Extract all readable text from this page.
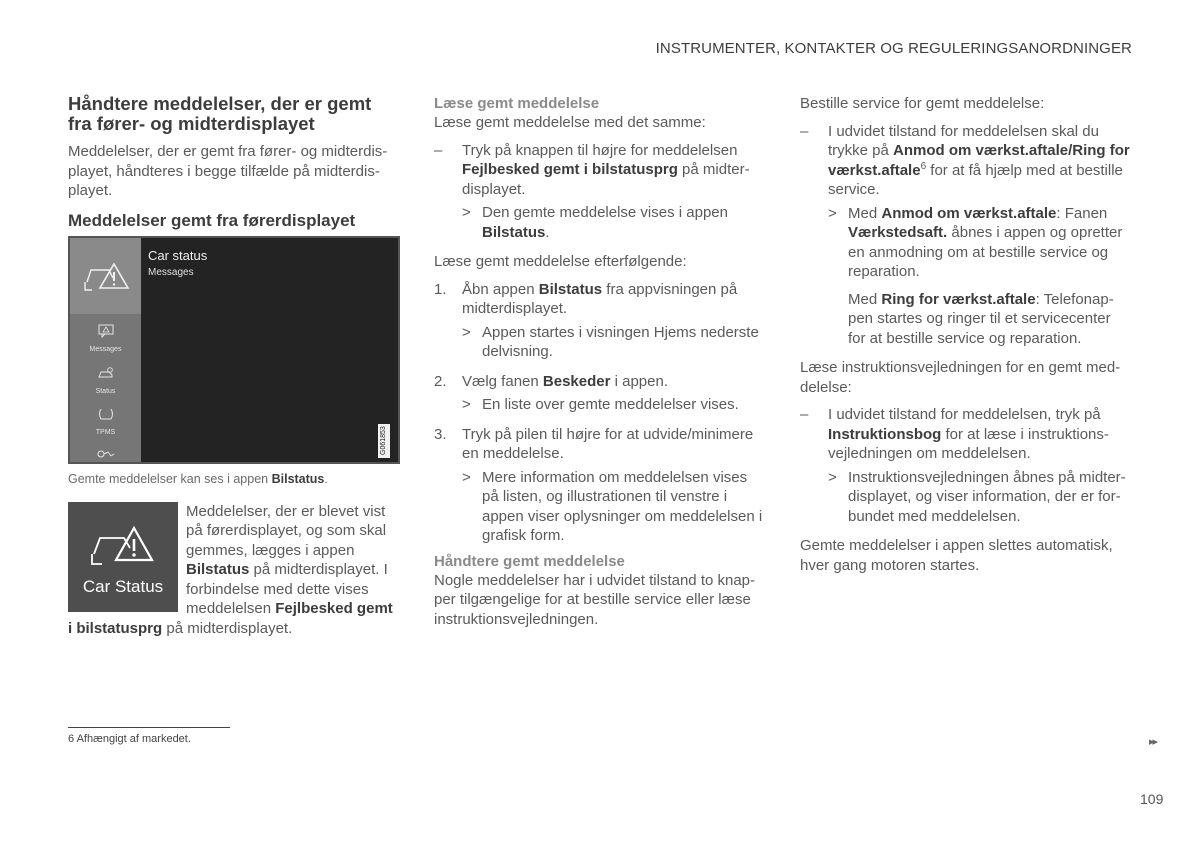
INSTRUMENTER, KONTAKTER OG REGULERINGSANORDNINGER
Håndtere meddelelser, der er gemt fra fører- og midterdisplayet

Meddelelser, der er gemt fra fører- og midterdisplayet, håndteres i begge tilfælde på midterdisplayet.

Meddelelser gemt fra førerdisplayet
Messages
Status
TPMS
Car status
Messages
G061853

Gemte meddelelser kan ses i appen Bilstatus.

Car Status

Meddelelser, der er blevet vist på førerdisplayet, og som skal gemmes, lægges i appen Bilstatus på midterdisplayet. I forbindelse med dette vises meddelelsen Fejlbesked gemt i bilstatusprg på midterdisplayet.

Læse gemt meddelelse

Læse gemt meddelelse med det samme:

– Tryk på knappen til højre for meddelelsen Fejlbesked gemt i bilstatusprg på midterdisplayet.
> Den gemte meddelelse vises i appen Bilstatus.

Læse gemt meddelelse efterfølgende:

1. Åbn appen Bilstatus fra appvisningen på midterdisplayet.
> Appen startes i visningen Hjems nederste delvisning.
2. Vælg fanen Beskeder i appen.
> En liste over gemte meddelelser vises.
3. Tryk på pilen til højre for at udvide/minimere en meddelelse.
> Mere information om meddelelsen vises på listen, og illustrationen til venstre i appen viser oplysninger om meddelelsen i grafisk form.
Håndtere gemt meddelelse

Nogle meddelelser har i udvidet tilstand to knapper tilgængelige for at bestille service eller læse instruktionsvejledningen.

Bestille service for gemt meddelelse:

– I udvidet tilstand for meddelelsen skal du trykke på Anmod om værkst.aftale/Ring for værkst.aftale$^6$ for at få hjælp med at bestille service.
> Med Anmod om værkst.aftale: Fanen Værkstedsaft. åbnes i appen og opretter en anmodning om at bestille service og reparation.
Med Ring for værkst.aftale: Telefonappen startes og ringer til et servicecenter for at bestille service og reparation.

Læse instruktionsvejledningen for en gemt meddelelse:

– I udvidet tilstand for meddelelsen, tryk på Instruktionsbog for at læse i instruktionsvejledningen om meddelelsen.
> Instruktionsvejledningen åbnes på midterdisplayet, og viser information, der er forbundet med meddelelsen.

Gemte meddelelser i appen slettes automatisk, hver gang motoren startes.

6 Afhængigt af markedet.	▸▸
109
